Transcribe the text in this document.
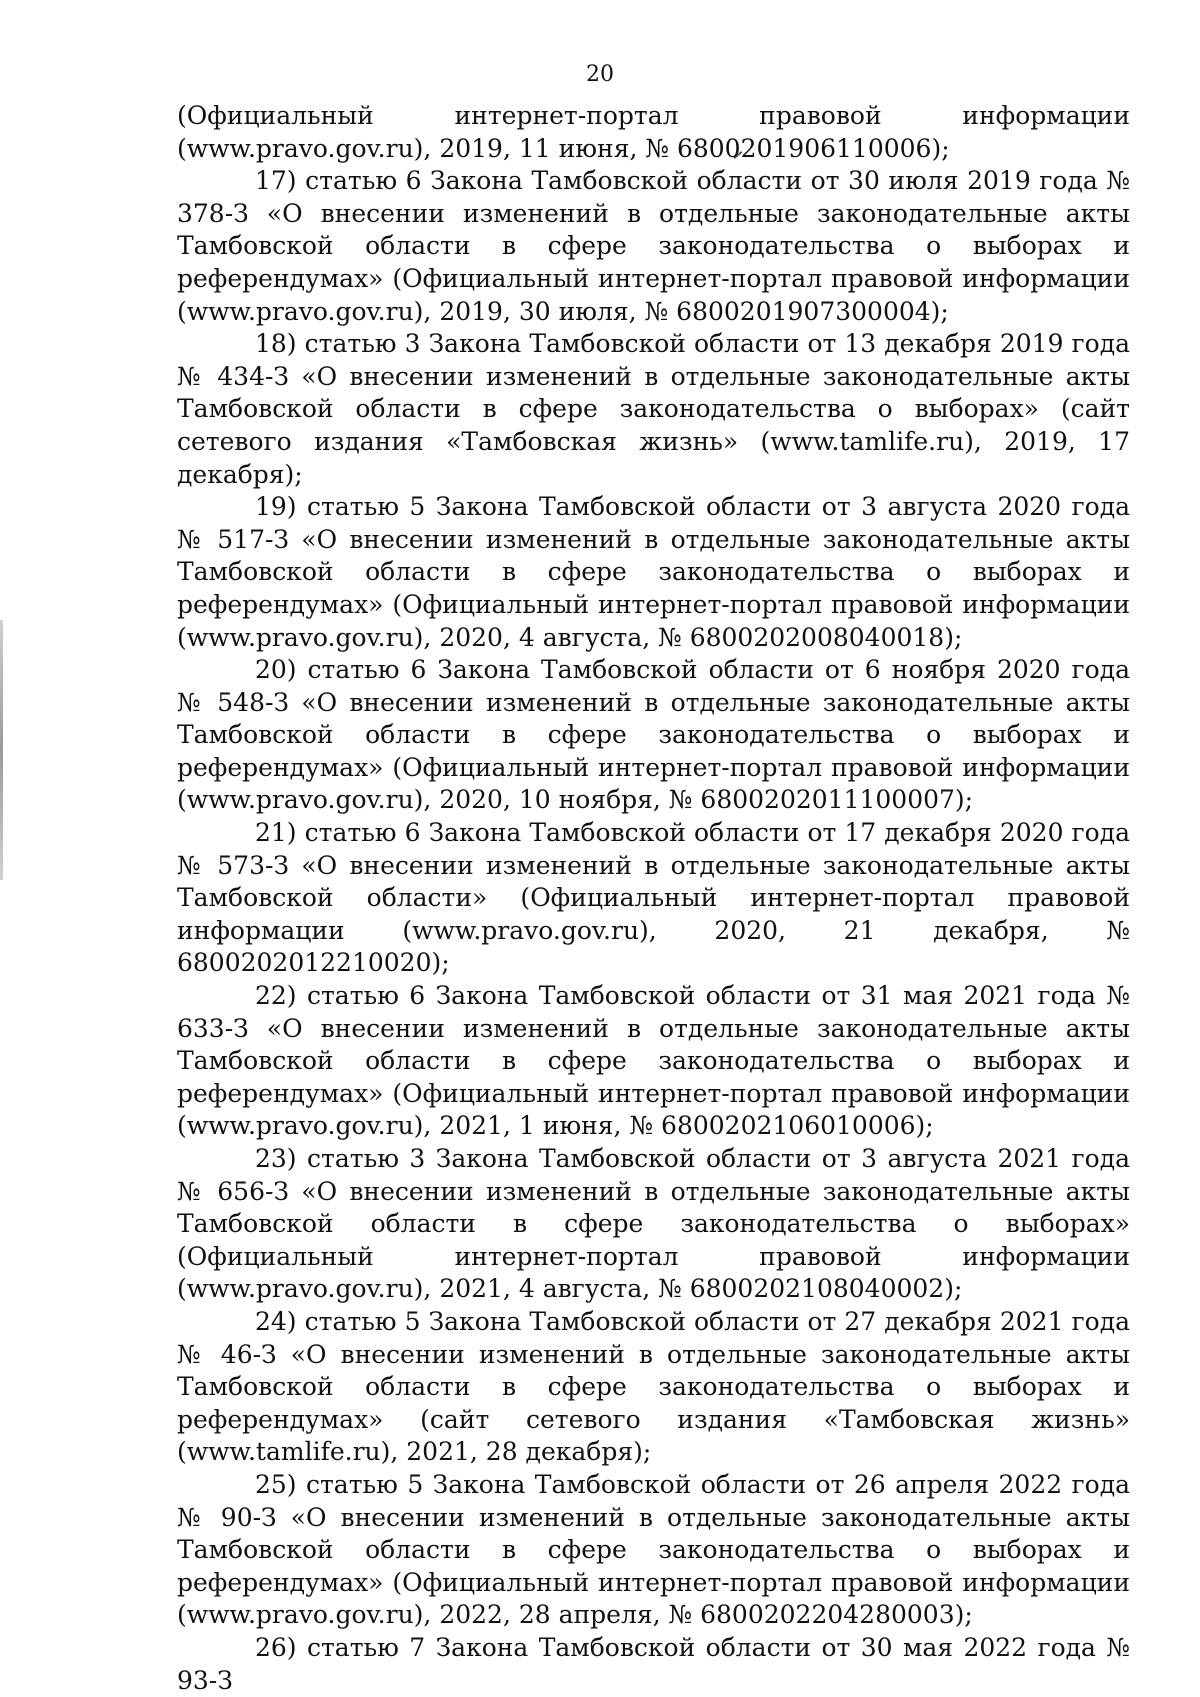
20

(Официальный интернет-портал правовой информации (www.pravo.gov.ru), 2019, 11 июня, № 6800201906110006);

17) статью 6 Закона Тамбовской области от 30 июля 2019 года № 378-З «О внесении изменений в отдельные законодательные акты Тамбовской области в сфере законодательства о выборах и референдумах» (Официальный интернет-портал правовой информации (www.pravo.gov.ru), 2019, 30 июля, № 6800201907300004);

18) статью 3 Закона Тамбовской области от 13 декабря 2019 года № 434-З «О внесении изменений в отдельные законодательные акты Тамбовской области в сфере законодательства о выборах» (сайт сетевого издания «Тамбовская жизнь» (www.tamlife.ru), 2019, 17 декабря);

19) статью 5 Закона Тамбовской области от 3 августа 2020 года № 517-З «О внесении изменений в отдельные законодательные акты Тамбовской области в сфере законодательства о выборах и референдумах» (Официальный интернет-портал правовой информации (www.pravo.gov.ru), 2020, 4 августа, № 6800202008040018);

20) статью 6 Закона Тамбовской области от 6 ноября 2020 года № 548-З «О внесении изменений в отдельные законодательные акты Тамбовской области в сфере законодательства о выборах и референдумах» (Официальный интернет-портал правовой информации (www.pravo.gov.ru), 2020, 10 ноября, № 6800202011100007);

21) статью 6 Закона Тамбовской области от 17 декабря 2020 года № 573-З «О внесении изменений в отдельные законодательные акты Тамбовской области» (Официальный интернет-портал правовой информации (www.pravo.gov.ru), 2020, 21 декабря, № 6800202012210020);

22) статью 6 Закона Тамбовской области от 31 мая 2021 года № 633-З «О внесении изменений в отдельные законодательные акты Тамбовской области в сфере законодательства о выборах и референдумах» (Официальный интернет-портал правовой информации (www.pravo.gov.ru), 2021, 1 июня, № 6800202106010006);

23) статью 3 Закона Тамбовской области от 3 августа 2021 года № 656-З «О внесении изменений в отдельные законодательные акты Тамбовской области в сфере законодательства о выборах» (Официальный интернет-портал правовой информации (www.pravo.gov.ru), 2021, 4 августа, № 6800202108040002);

24) статью 5 Закона Тамбовской области от 27 декабря 2021 года № 46-З «О внесении изменений в отдельные законодательные акты Тамбовской области в сфере законодательства о выборах и референдумах» (сайт сетевого издания «Тамбовская жизнь» (www.tamlife.ru), 2021, 28 декабря);

25) статью 5 Закона Тамбовской области от 26 апреля 2022 года № 90-З «О внесении изменений в отдельные законодательные акты Тамбовской области в сфере законодательства о выборах и референдумах» (Официальный интернет-портал правовой информации (www.pravo.gov.ru), 2022, 28 апреля, № 6800202204280003);

26) статью 7 Закона Тамбовской области от 30 мая 2022 года № 93-З
